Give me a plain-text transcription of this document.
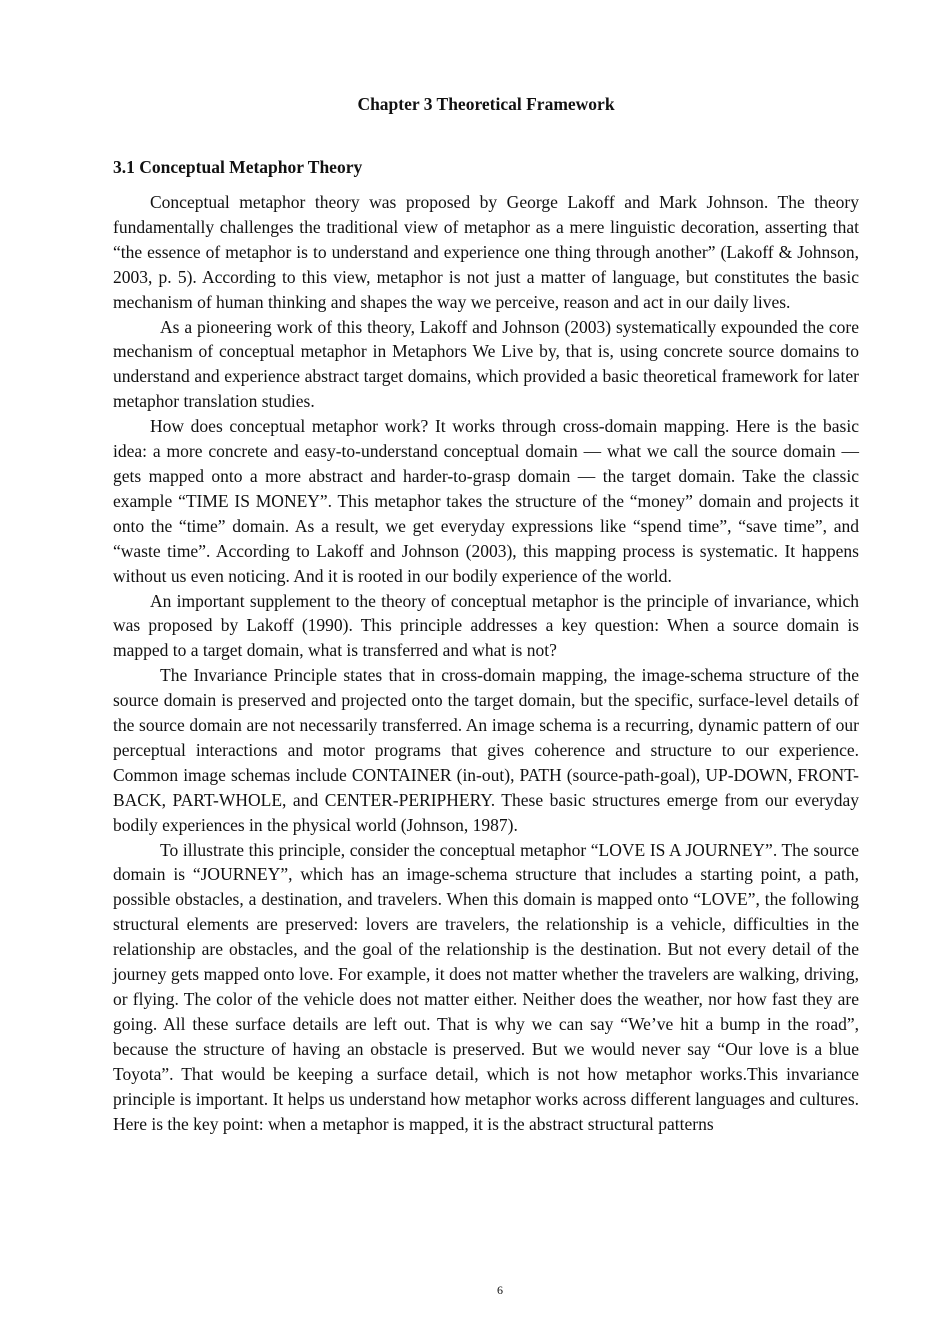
Chapter 3 Theoretical Framework
3.1 Conceptual Metaphor Theory

Conceptual metaphor theory was proposed by George Lakoff and Mark Johnson. The theory fundamentally challenges the traditional view of metaphor as a mere linguistic decoration, asserting that “the essence of metaphor is to understand and experience one thing through another” (Lakoff & Johnson, 2003, p. 5). According to this view, metaphor is not just a matter of language, but constitutes the basic mechanism of human thinking and shapes the way we perceive, reason and act in our daily lives.

As a pioneering work of this theory, Lakoff and Johnson (2003) systematically expounded the core mechanism of conceptual metaphor in Metaphors We Live by, that is, using concrete source domains to understand and experience abstract target domains, which provided a basic theoretical framework for later metaphor translation studies.

How does conceptual metaphor work? It works through cross-domain mapping. Here is the basic idea: a more concrete and easy-to-understand conceptual domain — what we call the source domain — gets mapped onto a more abstract and harder-to-grasp domain — the target domain. Take the classic example “TIME IS MONEY”. This metaphor takes the structure of the “money” domain and projects it onto the “time” domain. As a result, we get everyday expressions like “spend time”, “save time”, and “waste time”. According to Lakoff and Johnson (2003), this mapping process is systematic. It happens without us even noticing. And it is rooted in our bodily experience of the world.

An important supplement to the theory of conceptual metaphor is the principle of invariance, which was proposed by Lakoff (1990). This principle addresses a key question: When a source domain is mapped to a target domain, what is transferred and what is not?

The Invariance Principle states that in cross-domain mapping, the image-schema structure of the source domain is preserved and projected onto the target domain, but the specific, surface-level details of the source domain are not necessarily transferred. An image schema is a recurring, dynamic pattern of our perceptual interactions and motor programs that gives coherence and structure to our experience. Common image schemas include CONTAINER (in-out), PATH (source-path-goal), UP-DOWN, FRONT-BACK, PART-WHOLE, and CENTER-PERIPHERY. These basic structures emerge from our everyday bodily experiences in the physical world (Johnson, 1987).

To illustrate this principle, consider the conceptual metaphor “LOVE IS A JOURNEY”. The source domain is “JOURNEY”, which has an image-schema structure that includes a starting point, a path, possible obstacles, a destination, and travelers. When this domain is mapped onto “LOVE”, the following structural elements are preserved: lovers are travelers, the relationship is a vehicle, difficulties in the relationship are obstacles, and the goal of the relationship is the destination. But not every detail of the journey gets mapped onto love. For example, it does not matter whether the travelers are walking, driving, or flying. The color of the vehicle does not matter either. Neither does the weather, nor how fast they are going. All these surface details are left out. That is why we can say “We’ve hit a bump in the road”, because the structure of having an obstacle is preserved. But we would never say “Our love is a blue Toyota”. That would be keeping a surface detail, which is not how metaphor works.This invariance principle is important. It helps us understand how metaphor works across different languages and cultures. Here is the key point: when a metaphor is mapped, it is the abstract structural patterns

6
